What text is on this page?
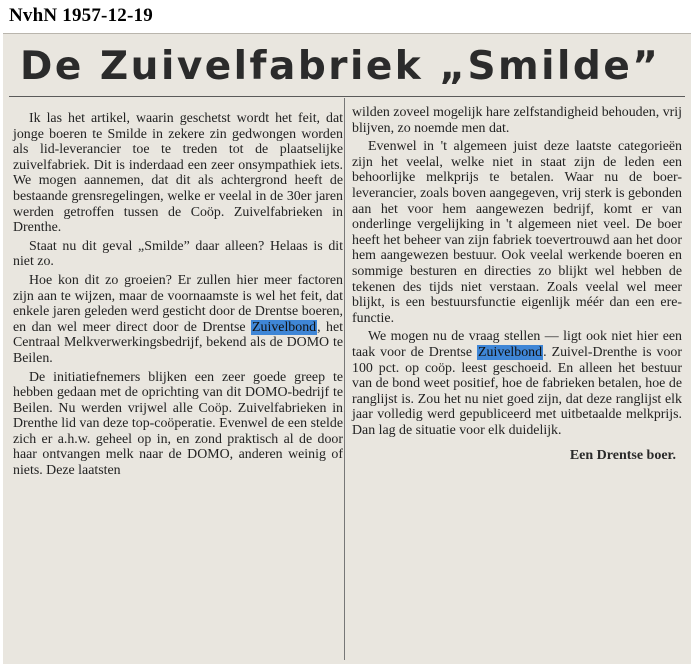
NvhN 1957-12-19
De Zuivelfabriek „Smilde”

Ik las het artikel, waarin geschetst wordt het feit, dat jonge boeren te Smilde in zekere zin gedwongen worden als lid-leverancier toe te treden tot de plaatselijke zuivelfabriek. Dit is inderdaad een zeer onsympathiek iets. We mogen aannemen, dat dit als achtergrond heeft de bestaande grensregelingen, welke er veelal in de 30er jaren werden getroffen tussen de Coöp. Zuivelfabrieken in Drenthe.

Staat nu dit geval „Smilde” daar alleen? Helaas is dit niet zo.

Hoe kon dit zo groeien? Er zullen hier meer factoren zijn aan te wijzen, maar de voornaamste is wel het feit, dat enkele jaren geleden werd gesticht door de Drentse boeren, en dan wel meer direct door de Drentse Zuivelbond, het Centraal Melkverwerkingsbedrijf, bekend als de DOMO te Beilen.

De initiatiefnemers blijken een zeer goede greep te hebben gedaan met de oprichting van dit DOMO-bedrijf te Beilen. Nu werden vrijwel alle Coöp. Zuivelfabrieken in Drenthe lid van deze top-coöperatie. Evenwel de een stelde zich er a.h.w. geheel op in, en zond praktisch al de door haar ontvangen melk naar de DOMO, anderen weinig of niets. Deze laatsten

wilden zoveel mogelijk hare zelfstandigheid behouden, vrij blijven, zo noemde men dat.

Evenwel in 't algemeen juist deze laatste categorieën zijn het veelal, welke niet in staat zijn de leden een behoorlijke melkprijs te betalen. Waar nu de boer-leverancier, zoals boven aangegeven, vrij sterk is gebonden aan het voor hem aangewezen bedrijf, komt er van onderlinge vergelijking in 't algemeen niet veel. De boer heeft het beheer van zijn fabriek toevertrouwd aan het door hem aangewezen bestuur. Ook veelal werkende boeren en sommige besturen en directies zo blijkt wel hebben de tekenen des tijds niet verstaan. Zoals veelal wel meer blijkt, is een bestuursfunctie eigenlijk méér dan een ere-functie.

We mogen nu de vraag stellen — ligt ook niet hier een taak voor de Drentse Zuivelbond. Zuivel-Drenthe is voor 100 pct. op coöp. leest geschoeid. En alleen het bestuur van de bond weet positief, hoe de fabrieken betalen, hoe de ranglijst is. Zou het nu niet goed zijn, dat deze ranglijst elk jaar volledig werd gepubliceerd met uitbetaalde melkprijs. Dan lag de situatie voor elk duidelijk.

Een Drentse boer.
